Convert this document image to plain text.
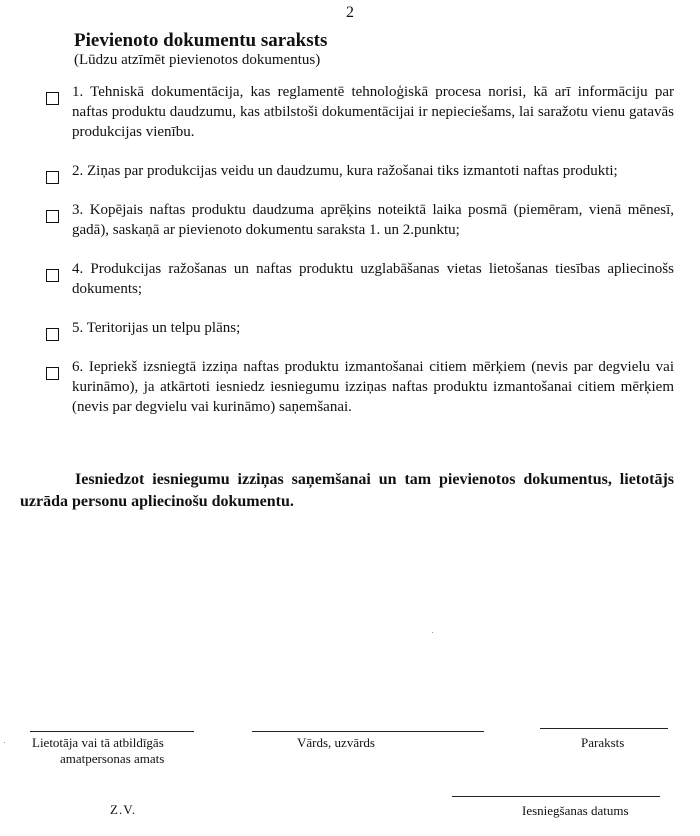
2
Pievienoto dokumentu saraksts
(Lūdzu atzīmēt pievienotos dokumentus)
1. Tehniskā dokumentācija, kas reglamentē tehnoloģiskā procesa norisi, kā arī informāciju par naftas produktu daudzumu, kas atbilstoši dokumentācijai ir nepieciešams, lai saražotu vienu gatavās produkcijas vienību.
2. Ziņas par produkcijas veidu un daudzumu, kura ražošanai tiks izmantoti naftas produkti;
3. Kopējais naftas produktu daudzuma aprēķins noteiktā laika posmā (piemēram, vienā mēnesī, gadā), saskaņā ar pievienoto dokumentu saraksta 1. un 2.punktu;
4. Produkcijas ražošanas un naftas produktu uzglabāšanas vietas lietošanas tiesības apliecinošs dokuments;
5. Teritorijas un telpu plāns;
6. Iepriekš izsniegtā izziņa naftas produktu izmantošanai citiem mērķiem (nevis par degvielu vai kurināmo), ja atkārtoti iesniedz iesniegumu izziņas naftas produktu izmantošanai citiem mērķiem (nevis par degvielu vai kurināmo) saņemšanai.
Iesniedzot iesniegumu izziņas saņemšanai un tam pievienotos dokumentus, lietotājs uzrāda personu apliecinošu dokumentu.
Lietotāja vai tā atbildīgās
amatpersonas amats
Vārds, uzvārds	Paraksts
Z.V.	Iesniegšanas datums
